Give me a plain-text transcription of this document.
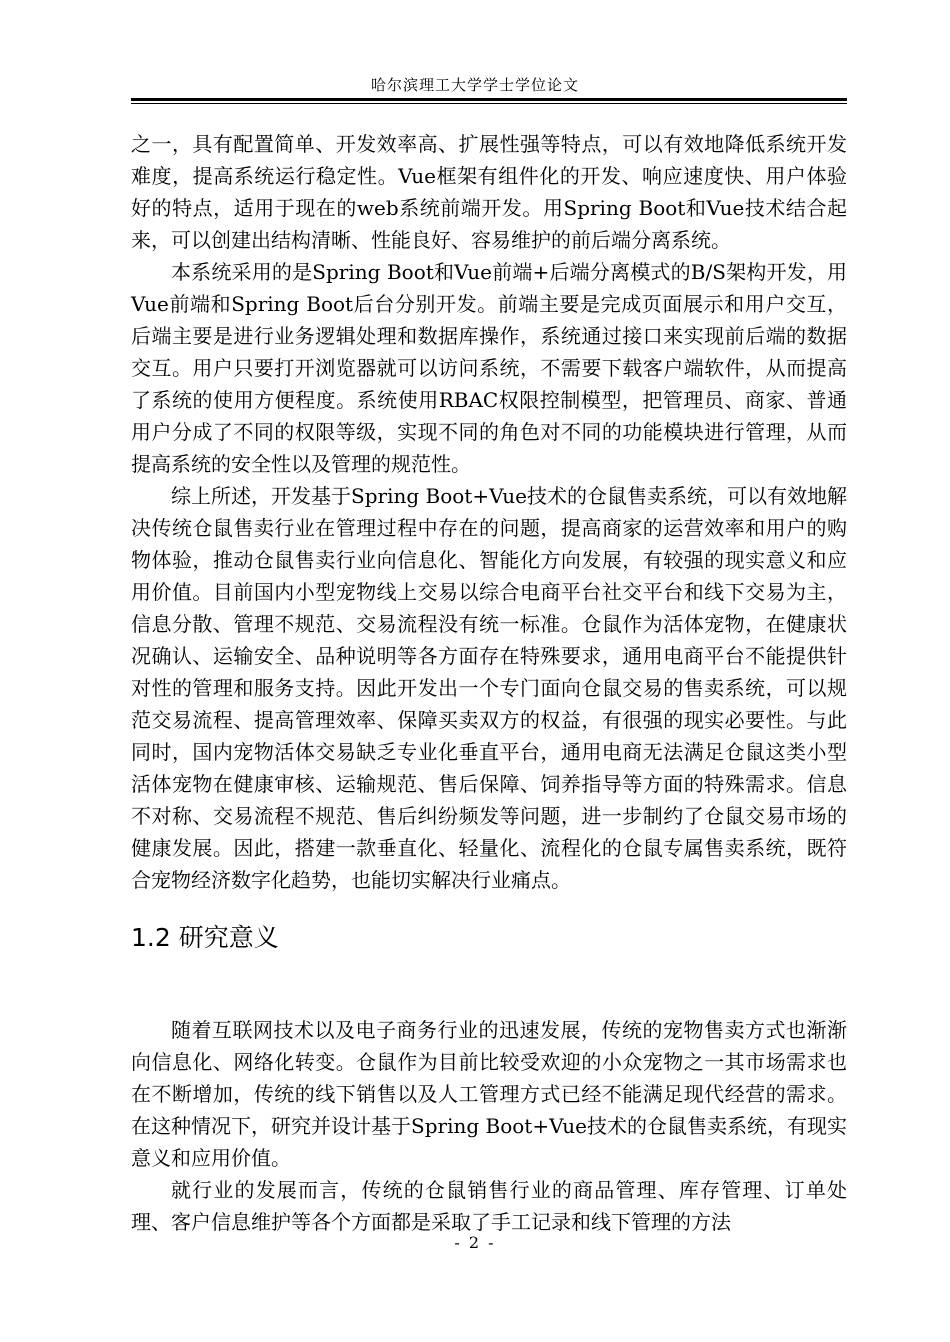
哈尔滨理工大学学士学位论文

之一，具有配置简单、开发效率高、扩展性强等特点，可以有效地降低系统开发难度，提高系统运行稳定性。Vue框架有组件化的开发、响应速度快、用户体验好的特点，适用于现在的web系统前端开发。用Spring Boot和Vue技术结合起来，可以创建出结构清晰、性能良好、容易维护的前后端分离系统。

本系统采用的是Spring Boot和Vue前端+后端分离模式的B/S架构开发，用Vue前端和Spring Boot后台分别开发。前端主要是完成页面展示和用户交互，后端主要是进行业务逻辑处理和数据库操作，系统通过接口来实现前后端的数据交互。用户只要打开浏览器就可以访问系统，不需要下载客户端软件，从而提高了系统的使用方便程度。系统使用RBAC权限控制模型，把管理员、商家、普通用户分成了不同的权限等级，实现不同的角色对不同的功能模块进行管理，从而提高系统的安全性以及管理的规范性。

综上所述，开发基于Spring Boot+Vue技术的仓鼠售卖系统，可以有效地解决传统仓鼠售卖行业在管理过程中存在的问题，提高商家的运营效率和用户的购物体验，推动仓鼠售卖行业向信息化、智能化方向发展，有较强的现实意义和应用价值。目前国内小型宠物线上交易以综合电商平台社交平台和线下交易为主，信息分散、管理不规范、交易流程没有统一标准。仓鼠作为活体宠物，在健康状况确认、运输安全、品种说明等各方面存在特殊要求，通用电商平台不能提供针对性的管理和服务支持。因此开发出一个专门面向仓鼠交易的售卖系统，可以规范交易流程、提高管理效率、保障买卖双方的权益，有很强的现实必要性。与此同时，国内宠物活体交易缺乏专业化垂直平台，通用电商无法满足仓鼠这类小型活体宠物在健康审核、运输规范、售后保障、饲养指导等方面的特殊需求。信息不对称、交易流程不规范、售后纠纷频发等问题，进一步制约了仓鼠交易市场的健康发展。因此，搭建一款垂直化、轻量化、流程化的仓鼠专属售卖系统，既符合宠物经济数字化趋势，也能切实解决行业痛点。

1.2 研究意义

随着互联网技术以及电子商务行业的迅速发展，传统的宠物售卖方式也渐渐向信息化、网络化转变。仓鼠作为目前比较受欢迎的小众宠物之一其市场需求也在不断增加，传统的线下销售以及人工管理方式已经不能满足现代经营的需求。在这种情况下，研究并设计基于Spring Boot+Vue技术的仓鼠售卖系统，有现实意义和应用价值。

就行业的发展而言，传统的仓鼠销售行业的商品管理、库存管理、订单处理、客户信息维护等各个方面都是采取了手工记录和线下管理的方法

- 2 -
